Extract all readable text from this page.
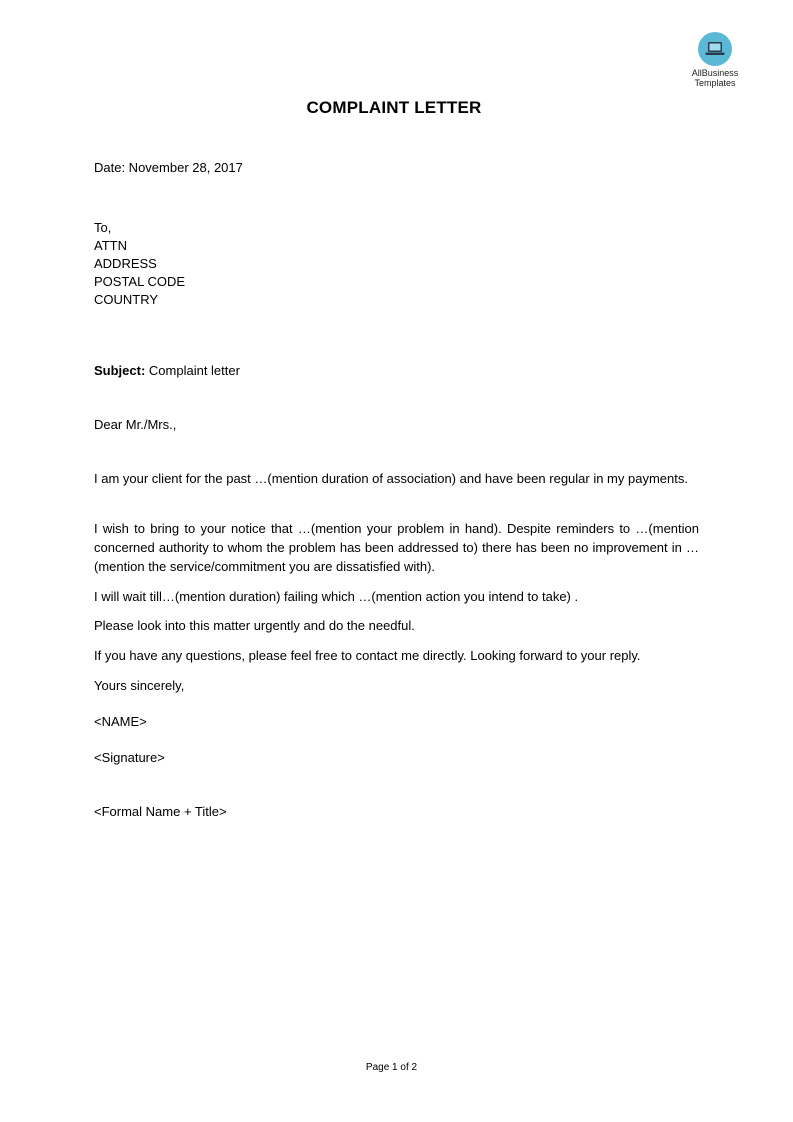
AllBusiness
Templates
COMPLAINT LETTER
Date: November 28, 2017
To,
ATTN
ADDRESS
POSTAL CODE
COUNTRY
Subject: Complaint letter
Dear Mr./Mrs.,
I am your client for the past …(mention duration of association) and have been regular in my payments.
I wish to bring to your notice that …(mention your problem in hand). Despite reminders to …(mention concerned authority to whom the problem has been addressed to) there has been no improvement in …(mention the service/commitment you are dissatisfied with).
I will wait till…(mention duration) failing which …(mention action you intend to take) .
Please look into this matter urgently and do the needful.
If you have any questions, please feel free to contact me directly. Looking forward to your reply.
Yours sincerely,
<NAME>
<Signature>
<Formal Name + Title>
Page 1 of 2
